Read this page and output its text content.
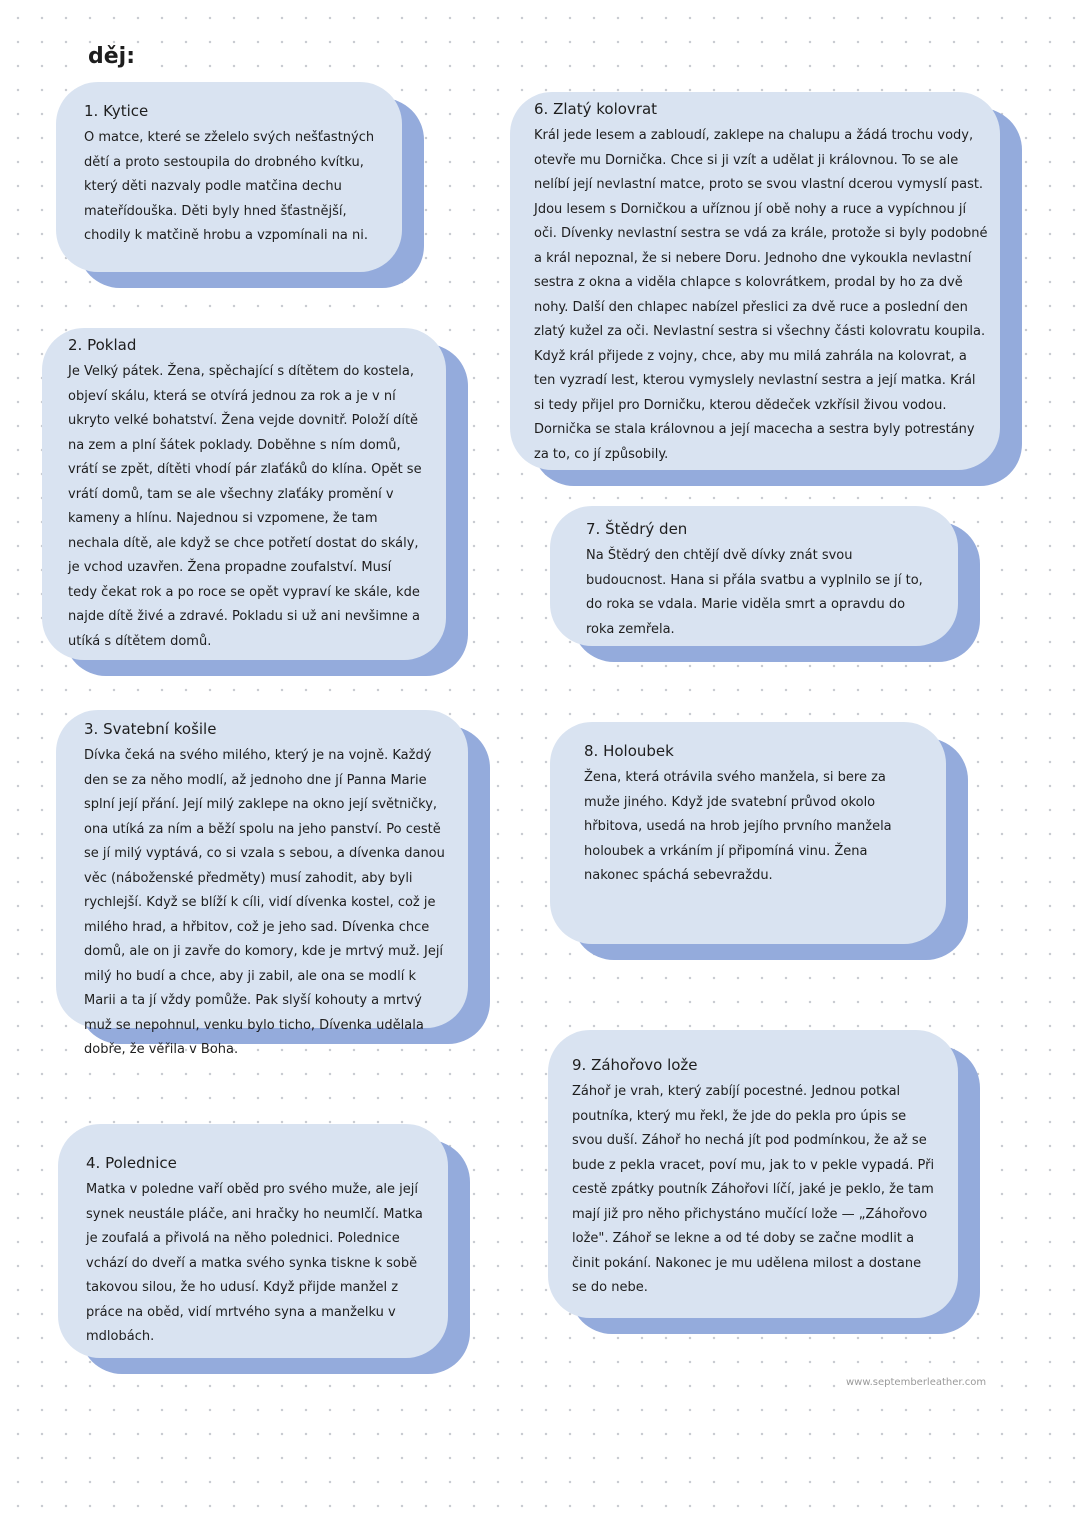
děj:
1. Kytice

O matce, které se zželelo svých nešťastných dětí a proto sestoupila do drobného kvítku, který děti nazvaly podle matčina dechu mateřídouška. Děti byly hned šťastnější, chodily k matčině hrobu a vzpomínali na ni.

2. Poklad

Je Velký pátek. Žena, spěchající s dítětem do kostela, objeví skálu, která se otvírá jednou za rok a je v ní ukryto velké bohatství. Žena vejde dovnitř. Položí dítě na zem a plní šátek poklady. Doběhne s ním domů, vrátí se zpět, dítěti vhodí pár zlaťáků do klína. Opět se vrátí domů, tam se ale všechny zlaťáky promění v kameny a hlínu. Najednou si vzpomene, že tam nechala dítě, ale když se chce potřetí dostat do skály, je vchod uzavřen. Žena propadne zoufalství. Musí tedy čekat rok a po roce se opět vypraví ke skále, kde najde dítě živé a zdravé. Pokladu si už ani nevšimne a utíká s dítětem domů.

3. Svatební košile

Dívka čeká na svého milého, který je na vojně. Každý den se za něho modlí, až jednoho dne jí Panna Marie splní její přání. Její milý zaklepe na okno její světničky, ona utíká za ním a běží spolu na jeho panství. Po cestě se jí milý vyptává, co si vzala s sebou, a dívenka danou věc (náboženské předměty) musí zahodit, aby byli rychlejší. Když se blíží k cíli, vidí dívenka kostel, což je milého hrad, a hřbitov, což je jeho sad. Dívenka chce domů, ale on ji zavře do komory, kde je mrtvý muž. Její milý ho budí a chce, aby ji zabil, ale ona se modlí k Marii a ta jí vždy pomůže. Pak slyší kohouty a mrtvý muž se nepohnul, venku bylo ticho, Dívenka udělala dobře, že věřila v Boha.

4. Polednice

Matka v poledne vaří oběd pro svého muže, ale její synek neustále pláče, ani hračky ho neumlčí. Matka je zoufalá a přivolá na něho polednici. Polednice vchází do dveří a matka svého synka tiskne k sobě takovou silou, že ho udusí. Když přijde manžel z práce na oběd, vidí mrtvého syna a manželku v mdlobách.

6. Zlatý kolovrat

Král jede lesem a zabloudí, zaklepe na chalupu a žádá trochu vody, otevře mu Dornička. Chce si ji vzít a udělat ji královnou. To se ale nelíbí její nevlastní matce, proto se svou vlastní dcerou vymyslí past. Jdou lesem s Dorničkou a uříznou jí obě nohy a ruce a vypíchnou jí oči. Dívenky nevlastní sestra se vdá za krále, protože si byly podobné a král nepoznal, že si nebere Doru. Jednoho dne vykoukla nevlastní sestra z okna a viděla chlapce s kolovrátkem, prodal by ho za dvě nohy. Další den chlapec nabízel přeslici za dvě ruce a poslední den zlatý kužel za oči. Nevlastní sestra si všechny části kolovratu koupila. Když král přijede z vojny, chce, aby mu milá zahrála na kolovrat, a ten vyzradí lest, kterou vymyslely nevlastní sestra a její matka. Král si tedy přijel pro Dorničku, kterou dědeček vzkřísil živou vodou. Dornička se stala královnou a její macecha a sestra byly potrestány za to, co jí způsobily.

7. Štědrý den

Na Štědrý den chtějí dvě dívky znát svou budoucnost. Hana si přála svatbu a vyplnilo se jí to, do roka se vdala. Marie viděla smrt a opravdu do roka zemřela.

8. Holoubek

Žena, která otrávila svého manžela, si bere za muže jiného. Když jde svatební průvod okolo hřbitova, usedá na hrob jejího prvního manžela holoubek a vrkáním jí připomíná vinu. Žena nakonec spáchá sebevraždu.

9. Záhořovo lože

Záhoř je vrah, který zabíjí pocestné. Jednou potkal poutníka, který mu řekl, že jde do pekla pro úpis se svou duší. Záhoř ho nechá jít pod podmínkou, že až se bude z pekla vracet, poví mu, jak to v pekle vypadá. Při cestě zpátky poutník Záhořovi líčí, jaké je peklo, že tam mají již pro něho přichystáno mučící lože — „Záhořovo lože". Záhoř se lekne a od té doby se začne modlit a činit pokání. Nakonec je mu udělena milost a dostane se do nebe.

www.septemberleather.com
